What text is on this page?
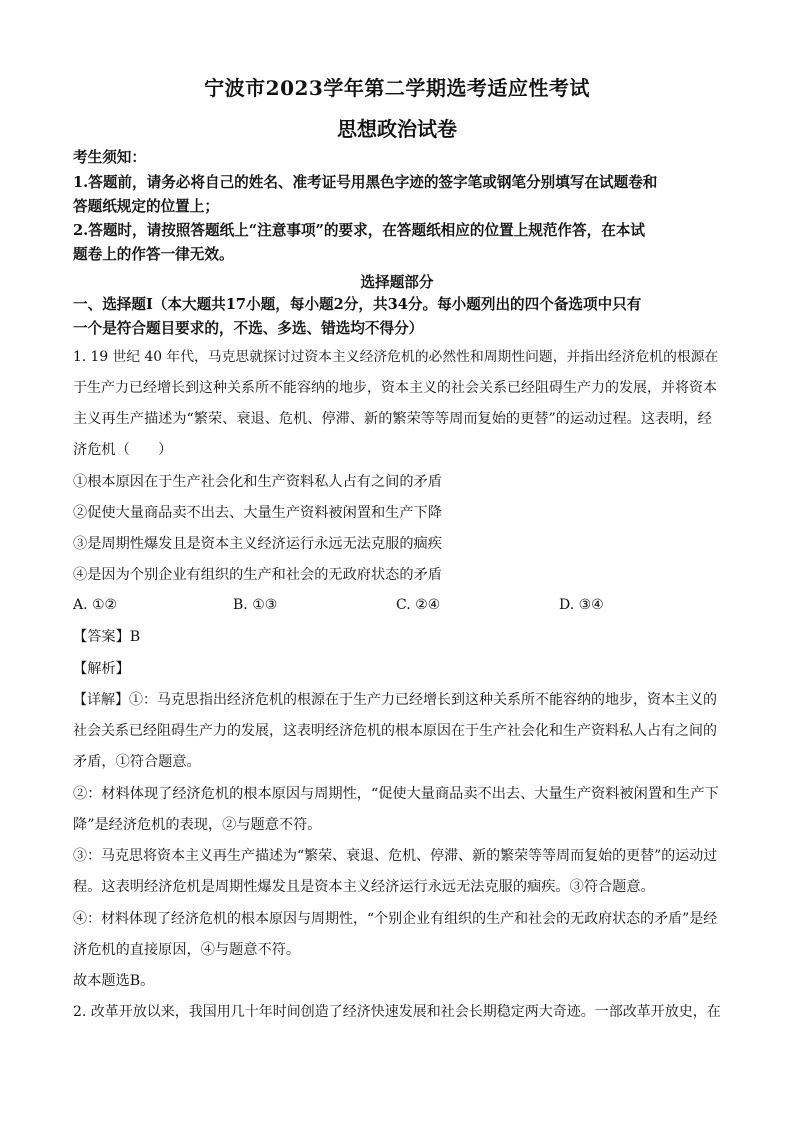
宁波市2023学年第二学期选考适应性考试
思想政治试卷
考生须知：
1.答题前，请务必将自己的姓名、准考证号用黑色字迹的签字笔或钢笔分别填写在试题卷和
答题纸规定的位置上；
2.答题时，请按照答题纸上“注意事项”的要求，在答题纸相应的位置上规范作答，在本试
题卷上的作答一律无效。
选择题部分
一、选择题Ⅰ（本大题共17小题，每小题2分，共34分。每小题列出的四个备选项中只有
一个是符合题目要求的，不选、多选、错选均不得分）
1. 19 世纪 40 年代，马克思就探讨过资本主义经济危机的必然性和周期性问题，并指出经济危机的根源在
于生产力已经增长到这种关系所不能容纳的地步，资本主义的社会关系已经阻碍生产力的发展，并将资本
主义再生产描述为“繁荣、衰退、危机、停滞、新的繁荣等等周而复始的更替”的运动过程。这表明，经
济危机（　　）
①根本原因在于生产社会化和生产资料私人占有之间的矛盾
②促使大量商品卖不出去、大量生产资料被闲置和生产下降
③是周期性爆发且是资本主义经济运行永远无法克服的痼疾
④是因为个别企业有组织的生产和社会的无政府状态的矛盾
A. ①②	B. ①③	C. ②④	D. ③④
【答案】B
【解析】
【详解】①：马克思指出经济危机的根源在于生产力已经增长到这种关系所不能容纳的地步，资本主义的
社会关系已经阻碍生产力的发展，这表明经济危机的根本原因在于生产社会化和生产资料私人占有之间的
矛盾，①符合题意。
②：材料体现了经济危机的根本原因与周期性，“促使大量商品卖不出去、大量生产资料被闲置和生产下
降”是经济危机的表现，②与题意不符。
③：马克思将资本主义再生产描述为“繁荣、衰退、危机、停滞、新的繁荣等等周而复始的更替”的运动过
程。这表明经济危机是周期性爆发且是资本主义经济运行永远无法克服的痼疾。③符合题意。
④：材料体现了经济危机的根本原因与周期性，“个别企业有组织的生产和社会的无政府状态的矛盾”是经
济危机的直接原因，④与题意不符。
故本题选B。
2. 改革开放以来，我国用几十年时间创造了经济快速发展和社会长期稳定两大奇迹。一部改革开放史，在
